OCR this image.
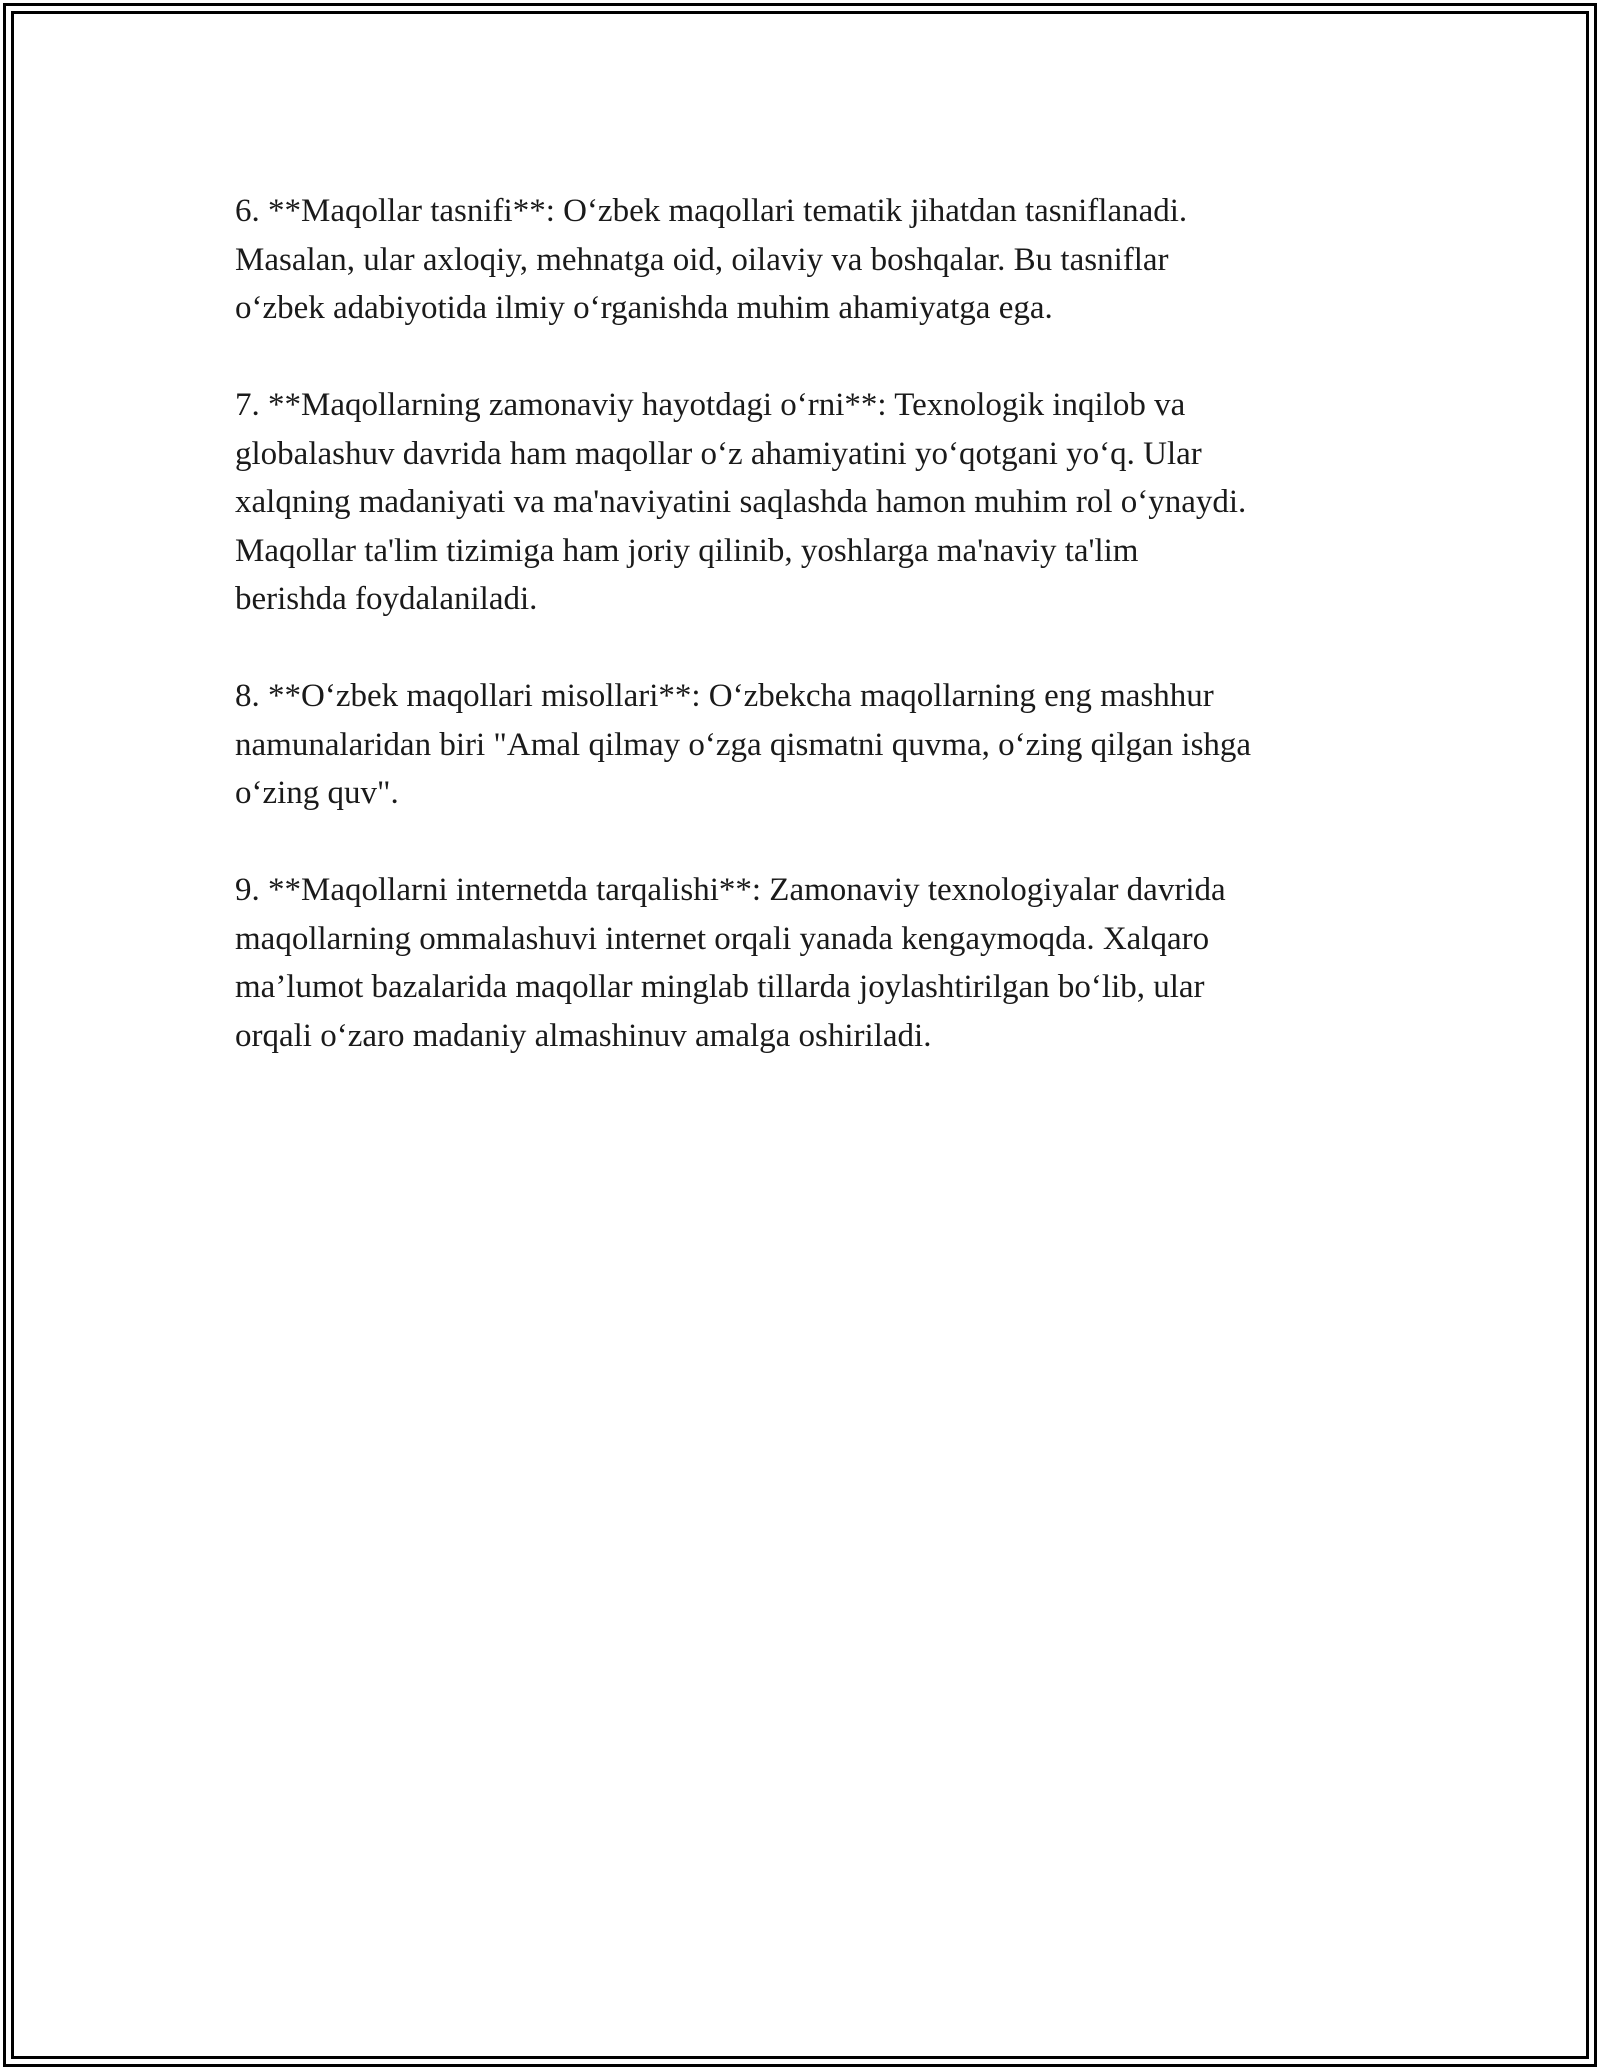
6. **Maqollar tasnifi**: O‘zbek maqollari tematik jihatdan tasniflanadi.
Masalan, ular axloqiy, mehnatga oid, oilaviy va boshqalar. Bu tasniflar
o‘zbek adabiyotida ilmiy o‘rganishda muhim ahamiyatga ega.

7. **Maqollarning zamonaviy hayotdagi o‘rni**: Texnologik inqilob va
globalashuv davrida ham maqollar o‘z ahamiyatini yo‘qotgani yo‘q. Ular
xalqning madaniyati va ma'naviyatini saqlashda hamon muhim rol o‘ynaydi.
Maqollar ta'lim tizimiga ham joriy qilinib, yoshlarga ma'naviy ta'lim
berishda foydalaniladi.

8. **O‘zbek maqollari misollari**: O‘zbekcha maqollarning eng mashhur
namunalaridan biri "Amal qilmay o‘zga qismatni quvma, o‘zing qilgan ishga
o‘zing quv".

9. **Maqollarni internetda tarqalishi**: Zamonaviy texnologiyalar davrida
maqollarning ommalashuvi internet orqali yanada kengaymoqda. Xalqaro
ma’lumot bazalarida maqollar minglab tillarda joylashtirilgan bo‘lib, ular
orqali o‘zaro madaniy almashinuv amalga oshiriladi.
